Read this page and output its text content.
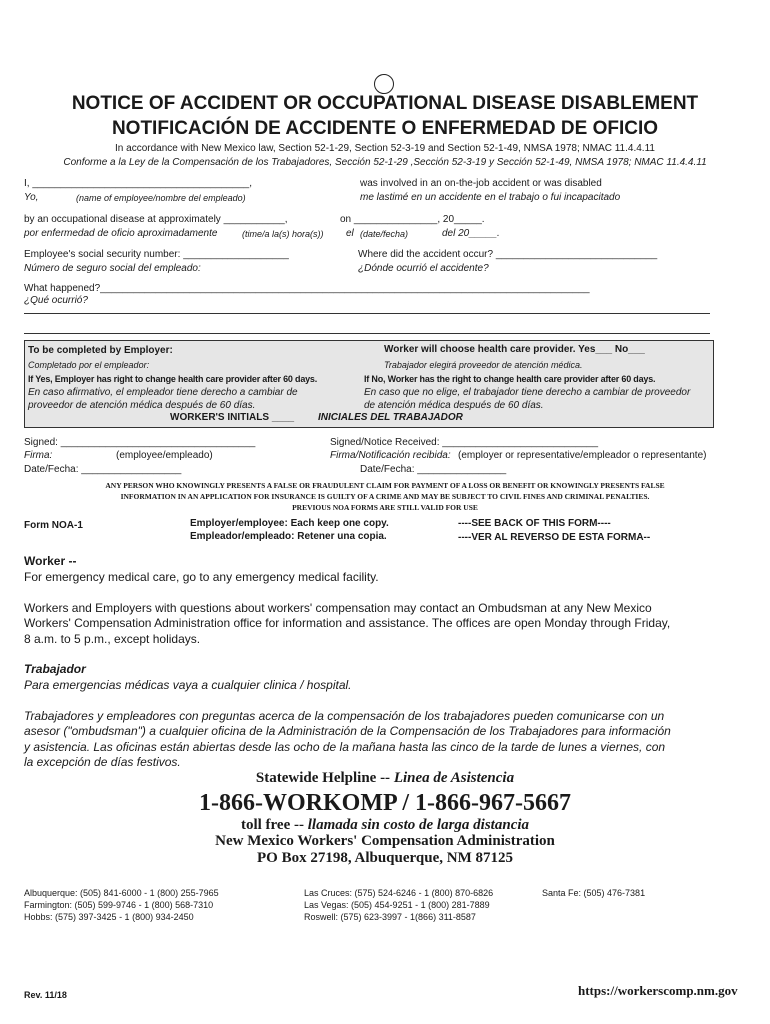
NOTICE OF ACCIDENT OR OCCUPATIONAL DISEASE DISABLEMENT
NOTIFICACIÓN DE ACCIDENTE O ENFERMEDAD DE OFICIO
In accordance with New Mexico law, Section 52-1-29, Section 52-3-19 and Section 52-1-49, NMSA 1978; NMAC 11.4.4.11
Conforme a la Ley de la Compensación de los Trabajadores, Sección 52-1-29 ,Sección 52-3-19 y Sección 52-1-49, NMSA 1978; NMAC 11.4.4.11
I, _______________________________________,
Yo,	(name of employee/nombre del empleado)
was involved in an on-the-job accident or was disabled
me lastimé en un accidente en el trabajo o fui incapacitado
by an occupational disease at approximately ___________,	on _______________, 20_____.
por enfermedad de oficio aproximadamente	(time/a la(s) hora(s)) el (date/fecha)	del 20_____.
Employee's social security number: ___________________
Número de seguro social del empleado:
Where did the accident occur? _____________________________
¿Dónde ocurrió el accidente?
What happened?________________________________________________________________________________________
¿Qué ocurrió?
To be completed by Employer:
Completado por el empleador:
Worker will choose health care provider. Yes___ No___
Trabajador elegirá proveedor de atención médica.
If Yes, Employer has right to change health care provider after 60 days.
En caso afirmativo, el empleador tiene derecho a cambiar de
proveedor de atención médica después de 60 días.
If No, Worker has the right to change health care provider after 60 days.
En caso que no elige, el trabajador tiene derecho a cambiar de proveedor
de atención médica después de 60 días.
WORKER'S INITIALS ____ INICIALES DEL TRABAJADOR
Signed: ___________________________________
Firma:	(employee/empleado)
Date/Fecha: __________________
Signed/Notice Received: ____________________________
Firma/Notificación recibida: (employer or representative/empleador o representante)
Date/Fecha: ________________
ANY PERSON WHO KNOWINGLY PRESENTS A FALSE OR FRAUDULENT CLAIM FOR PAYMENT OF A LOSS OR BENEFIT OR KNOWINGLY PRESENTS FALSE
INFORMATION IN AN APPLICATION FOR INSURANCE IS GUILTY OF A CRIME AND MAY BE SUBJECT TO CIVIL FINES AND CRIMINAL PENALTIES.
PREVIOUS NOA FORMS ARE STILL VALID FOR USE
Form NOA-1	Employer/employee: Each keep one copy.
Empleador/empleado: Retener una copia.
----SEE BACK OF THIS FORM----
----VER AL REVERSO DE ESTA FORMA--
Worker --
For emergency medical care, go to any emergency medical facility.
Workers and Employers with questions about workers' compensation may contact an Ombudsman at any New Mexico
Workers' Compensation Administration office for information and assistance. The offices are open Monday through Friday,
8 a.m. to 5 p.m., except holidays.
Trabajador
Para emergencias médicas vaya a cualquier clinica / hospital.
Trabajadores y empleadores con preguntas acerca de la compensación de los trabajadores pueden comunicarse con un
asesor ("ombudsman") a cualquier oficina de la Administración de la Compensación de los Trabajadores para información
y asistencia. Las oficinas están abiertas desde las ocho de la mañana hasta las cinco de la tarde de lunes a viernes, con
la excepción de días festivos.
Statewide Helpline -- Linea de Asistencia
1-866-WORKOMP / 1-866-967-5667
toll free -- llamada sin costo de larga distancia
New Mexico Workers' Compensation Administration
PO Box 27198, Albuquerque, NM 87125
Albuquerque: (505) 841-6000 - 1 (800) 255-7965
Farmington: (505) 599-9746 - 1 (800) 568-7310
Hobbs: (575) 397-3425 - 1 (800) 934-2450
Las Cruces: (575) 524-6246 - 1 (800) 870-6826
Las Vegas: (505) 454-9251 - 1 (800) 281-7889
Roswell: (575) 623-3997 - 1(866) 311-8587
Santa Fe: (505) 476-7381
Rev. 11/18	https://workerscomp.nm.gov
